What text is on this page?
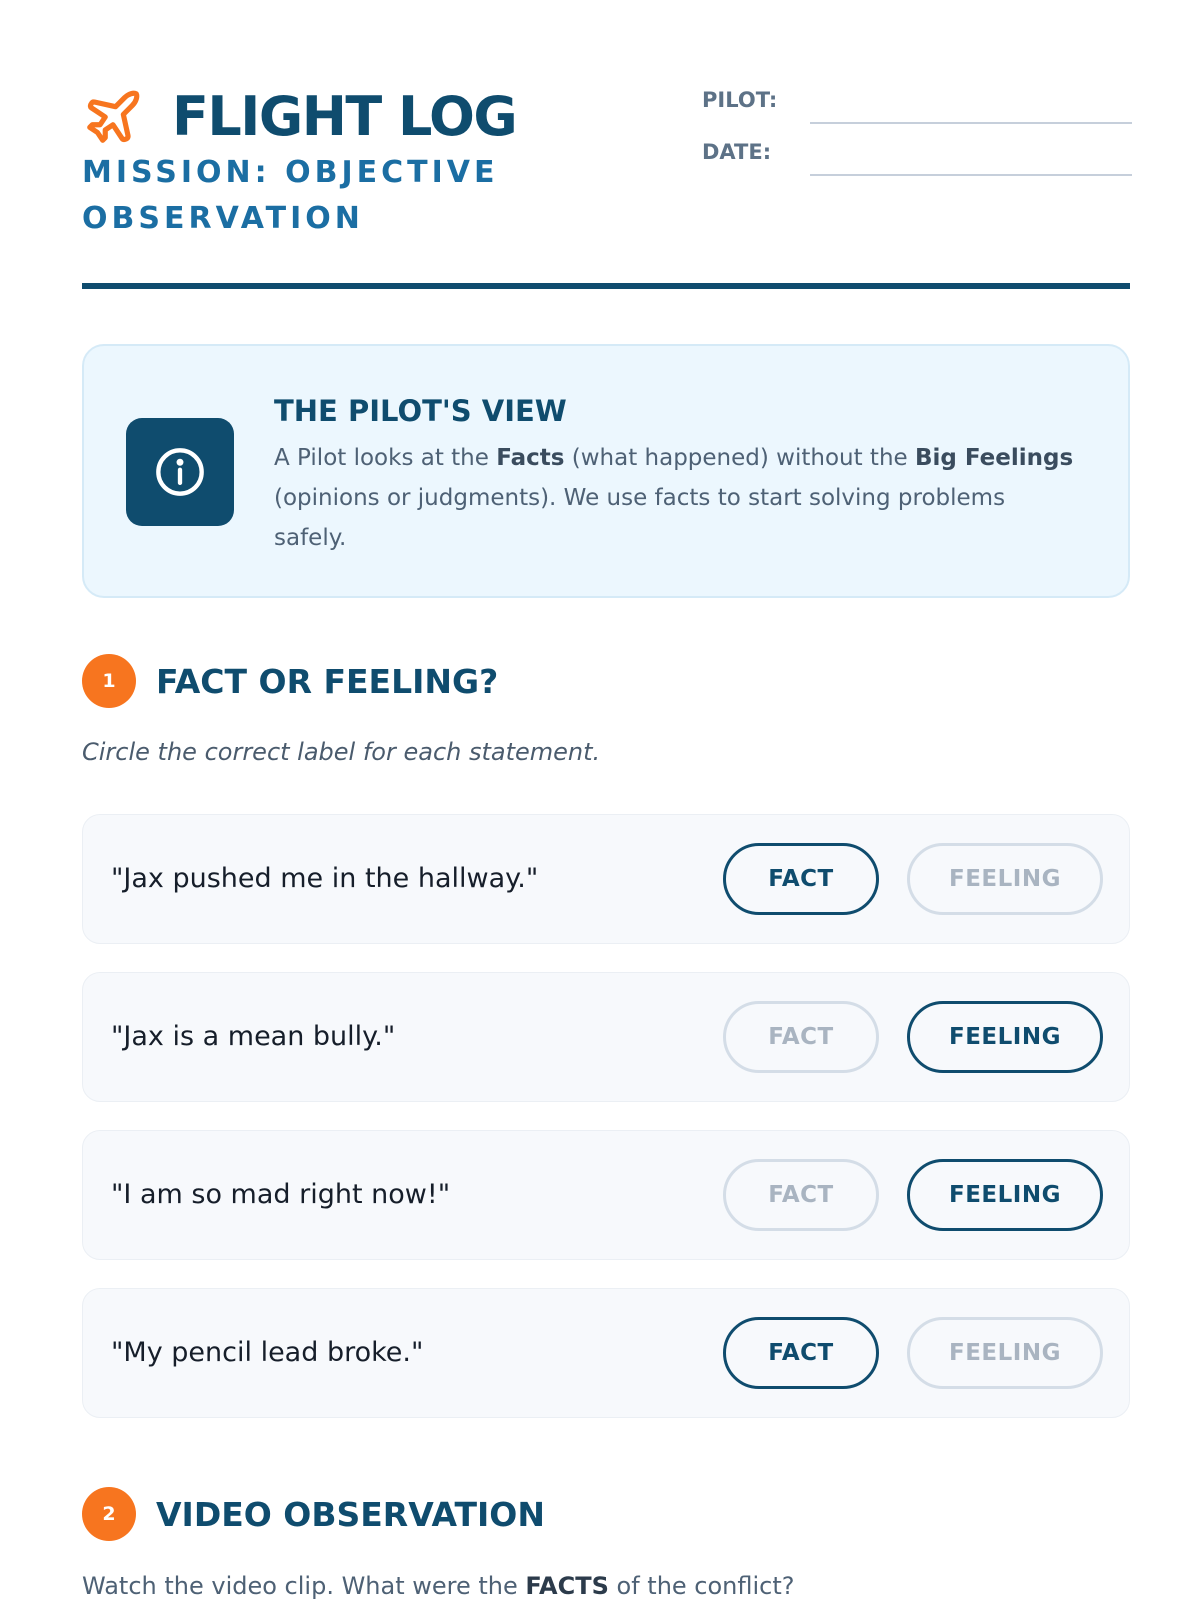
FLIGHT LOG
MISSION: OBJECTIVE OBSERVATION
PILOT:
DATE:
THE PILOT'S VIEW
A Pilot looks at the Facts (what happened) without the Big Feelings (opinions or judgments). We use facts to start solving problems safely.
1	FACT OR FEELING?
Circle the correct label for each statement.
"Jax pushed me in the hallway."	FACT	FEELING
"Jax is a mean bully."	FACT	FEELING
"I am so mad right now!"	FACT	FEELING
"My pencil lead broke."	FACT	FEELING
2	VIDEO OBSERVATION
Watch the video clip. What were the FACTS of the conflict?
